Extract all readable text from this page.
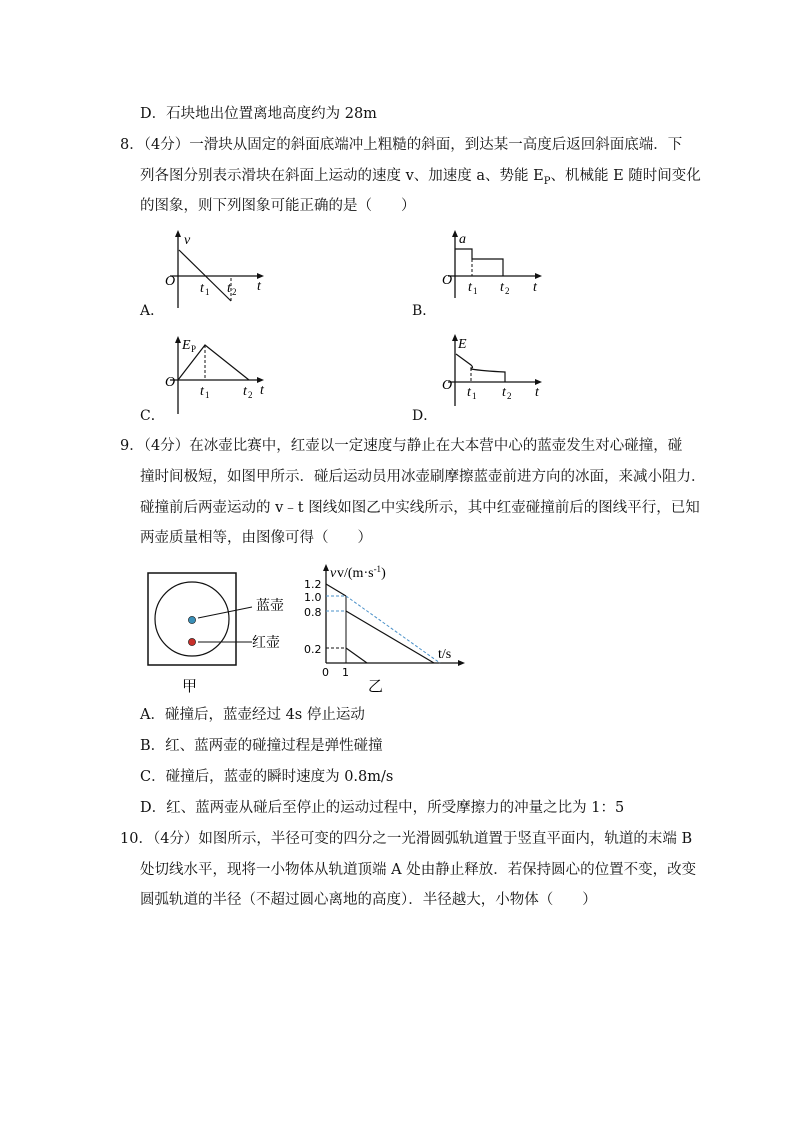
D．石块地出位置离地高度约为 28m
8．（4分）一滑块从固定的斜面底端冲上粗糙的斜面，到达某一高度后返回斜面底端．下
列各图分别表示滑块在斜面上运动的速度 v、加速度 a、势能 $E_P$、机械能 E 随时间变化
的图象，则下列图象可能正确的是（　　）
A．
v
O t 1 t 2 t
B．
a
O t 1 t 2 t
C．
E P
O
t 1 t 2 t
D．
E
O t 1 t 2 t
9．（4分）在冰壶比赛中，红壶以一定速度与静止在大本营中心的蓝壶发生对心碰撞，碰
撞时间极短，如图甲所示．碰后运动员用冰壶刷摩擦蓝壶前进方向的冰面，来减小阻力．
碰撞前后两壶运动的 v﹣t 图线如图乙中实线所示，其中红壶碰撞前后的图线平行，已知
两壶质量相等，由图像可得（　　）
蓝壶
红壶
甲
v $v/(m\cdot s^{-1})$
1.2
1.0
0.8
0.2
0 1
t/s
乙
A．碰撞后，蓝壶经过 4s 停止运动
B．红、蓝两壶的碰撞过程是弹性碰撞
C．碰撞后，蓝壶的瞬时速度为 0.8m/s
D．红、蓝两壶从碰后至停止的运动过程中，所受摩擦力的冲量之比为 1：5
10．（4分）如图所示，半径可变的四分之一光滑圆弧轨道置于竖直平面内，轨道的末端 B
处切线水平，现将一小物体从轨道顶端 A 处由静止释放．若保持圆心的位置不变，改变
圆弧轨道的半径（不超过圆心离地的高度）．半径越大，小物体（　　）
